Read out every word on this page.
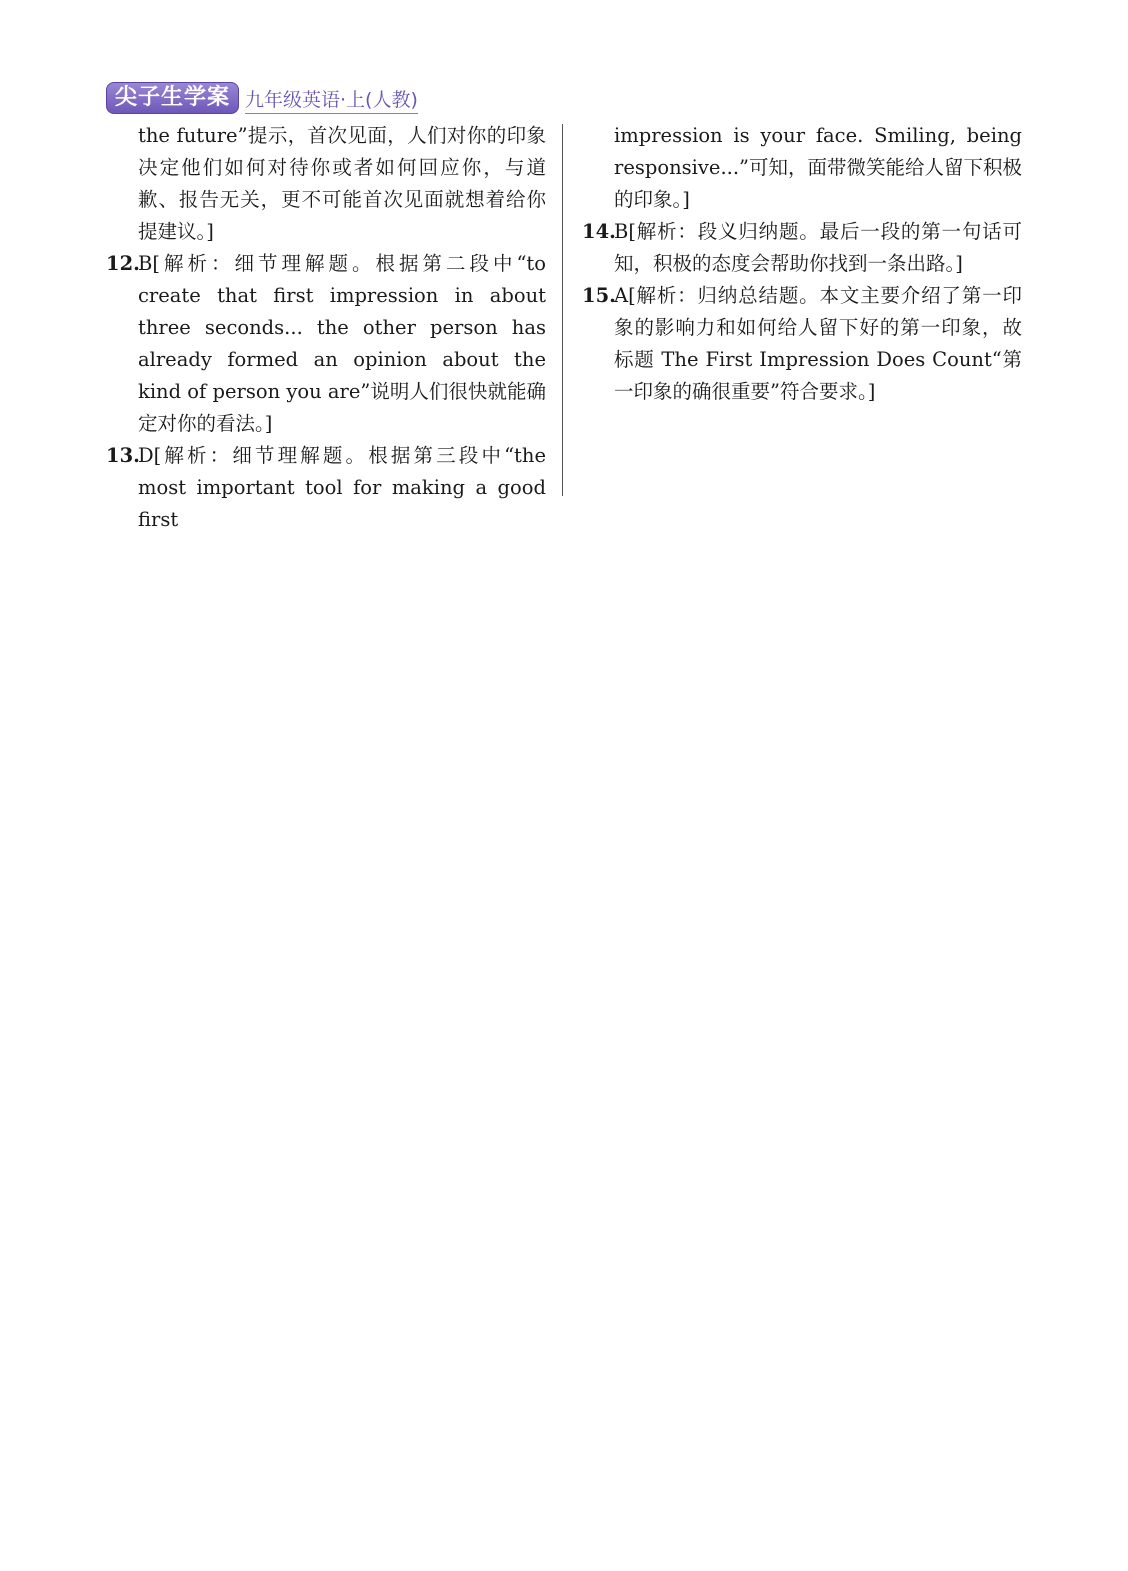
尖子生学案 九年级英语·上(人教)
the future”提示，首次见面，人们对你的印象决定他们如何对待你或者如何回应你，与道歉、报告无关，更不可能首次见面就想着给你提建议。]
12.
B[解析：细节理解题。根据第二段中“to create that first impression in about three seconds... the other person has already formed an opinion about the kind of person you are”说明人们很快就能确定对你的看法。]
13.
D[解析：细节理解题。根据第三段中“the most important tool for making a good first
impression is your face. Smiling, being responsive...”可知，面带微笑能给人留下积极的印象。]
14.
B[解析：段义归纳题。最后一段的第一句话可知，积极的态度会帮助你找到一条出路。]
15.
A[解析：归纳总结题。本文主要介绍了第一印象的影响力和如何给人留下好的第一印象，故标题 The First Impression Does Count“第一印象的确很重要”符合要求。]
